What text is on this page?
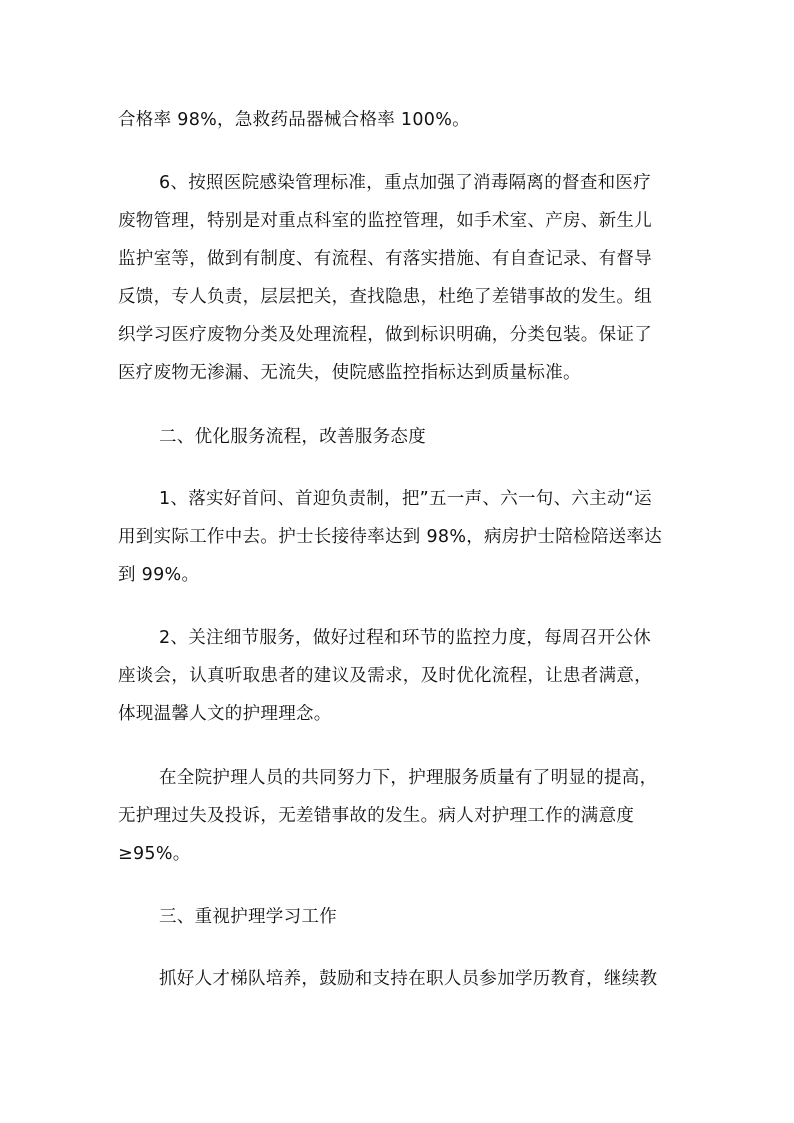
合格率 98%，急救药品器械合格率 100%。
6、按照医院感染管理标准，重点加强了消毒隔离的督查和医疗
废物管理，特别是对重点科室的监控管理，如手术室、产房、新生儿
监护室等，做到有制度、有流程、有落实措施、有自查记录、有督导
反馈，专人负责，层层把关，查找隐患，杜绝了差错事故的发生。组
织学习医疗废物分类及处理流程，做到标识明确，分类包装。保证了
医疗废物无渗漏、无流失，使院感监控指标达到质量标准。
二、优化服务流程，改善服务态度
1、落实好首问、首迎负责制，把”五一声、六一句、六主动“运
用到实际工作中去。护士长接待率达到 98%，病房护士陪检陪送率达
到 99%。
2、关注细节服务，做好过程和环节的监控力度，每周召开公休
座谈会，认真听取患者的建议及需求，及时优化流程，让患者满意，
体现温馨人文的护理理念。
在全院护理人员的共同努力下，护理服务质量有了明显的提高，
无护理过失及投诉，无差错事故的发生。病人对护理工作的满意度
≥95%。
三、重视护理学习工作
抓好人才梯队培养，鼓励和支持在职人员参加学历教育，继续教
